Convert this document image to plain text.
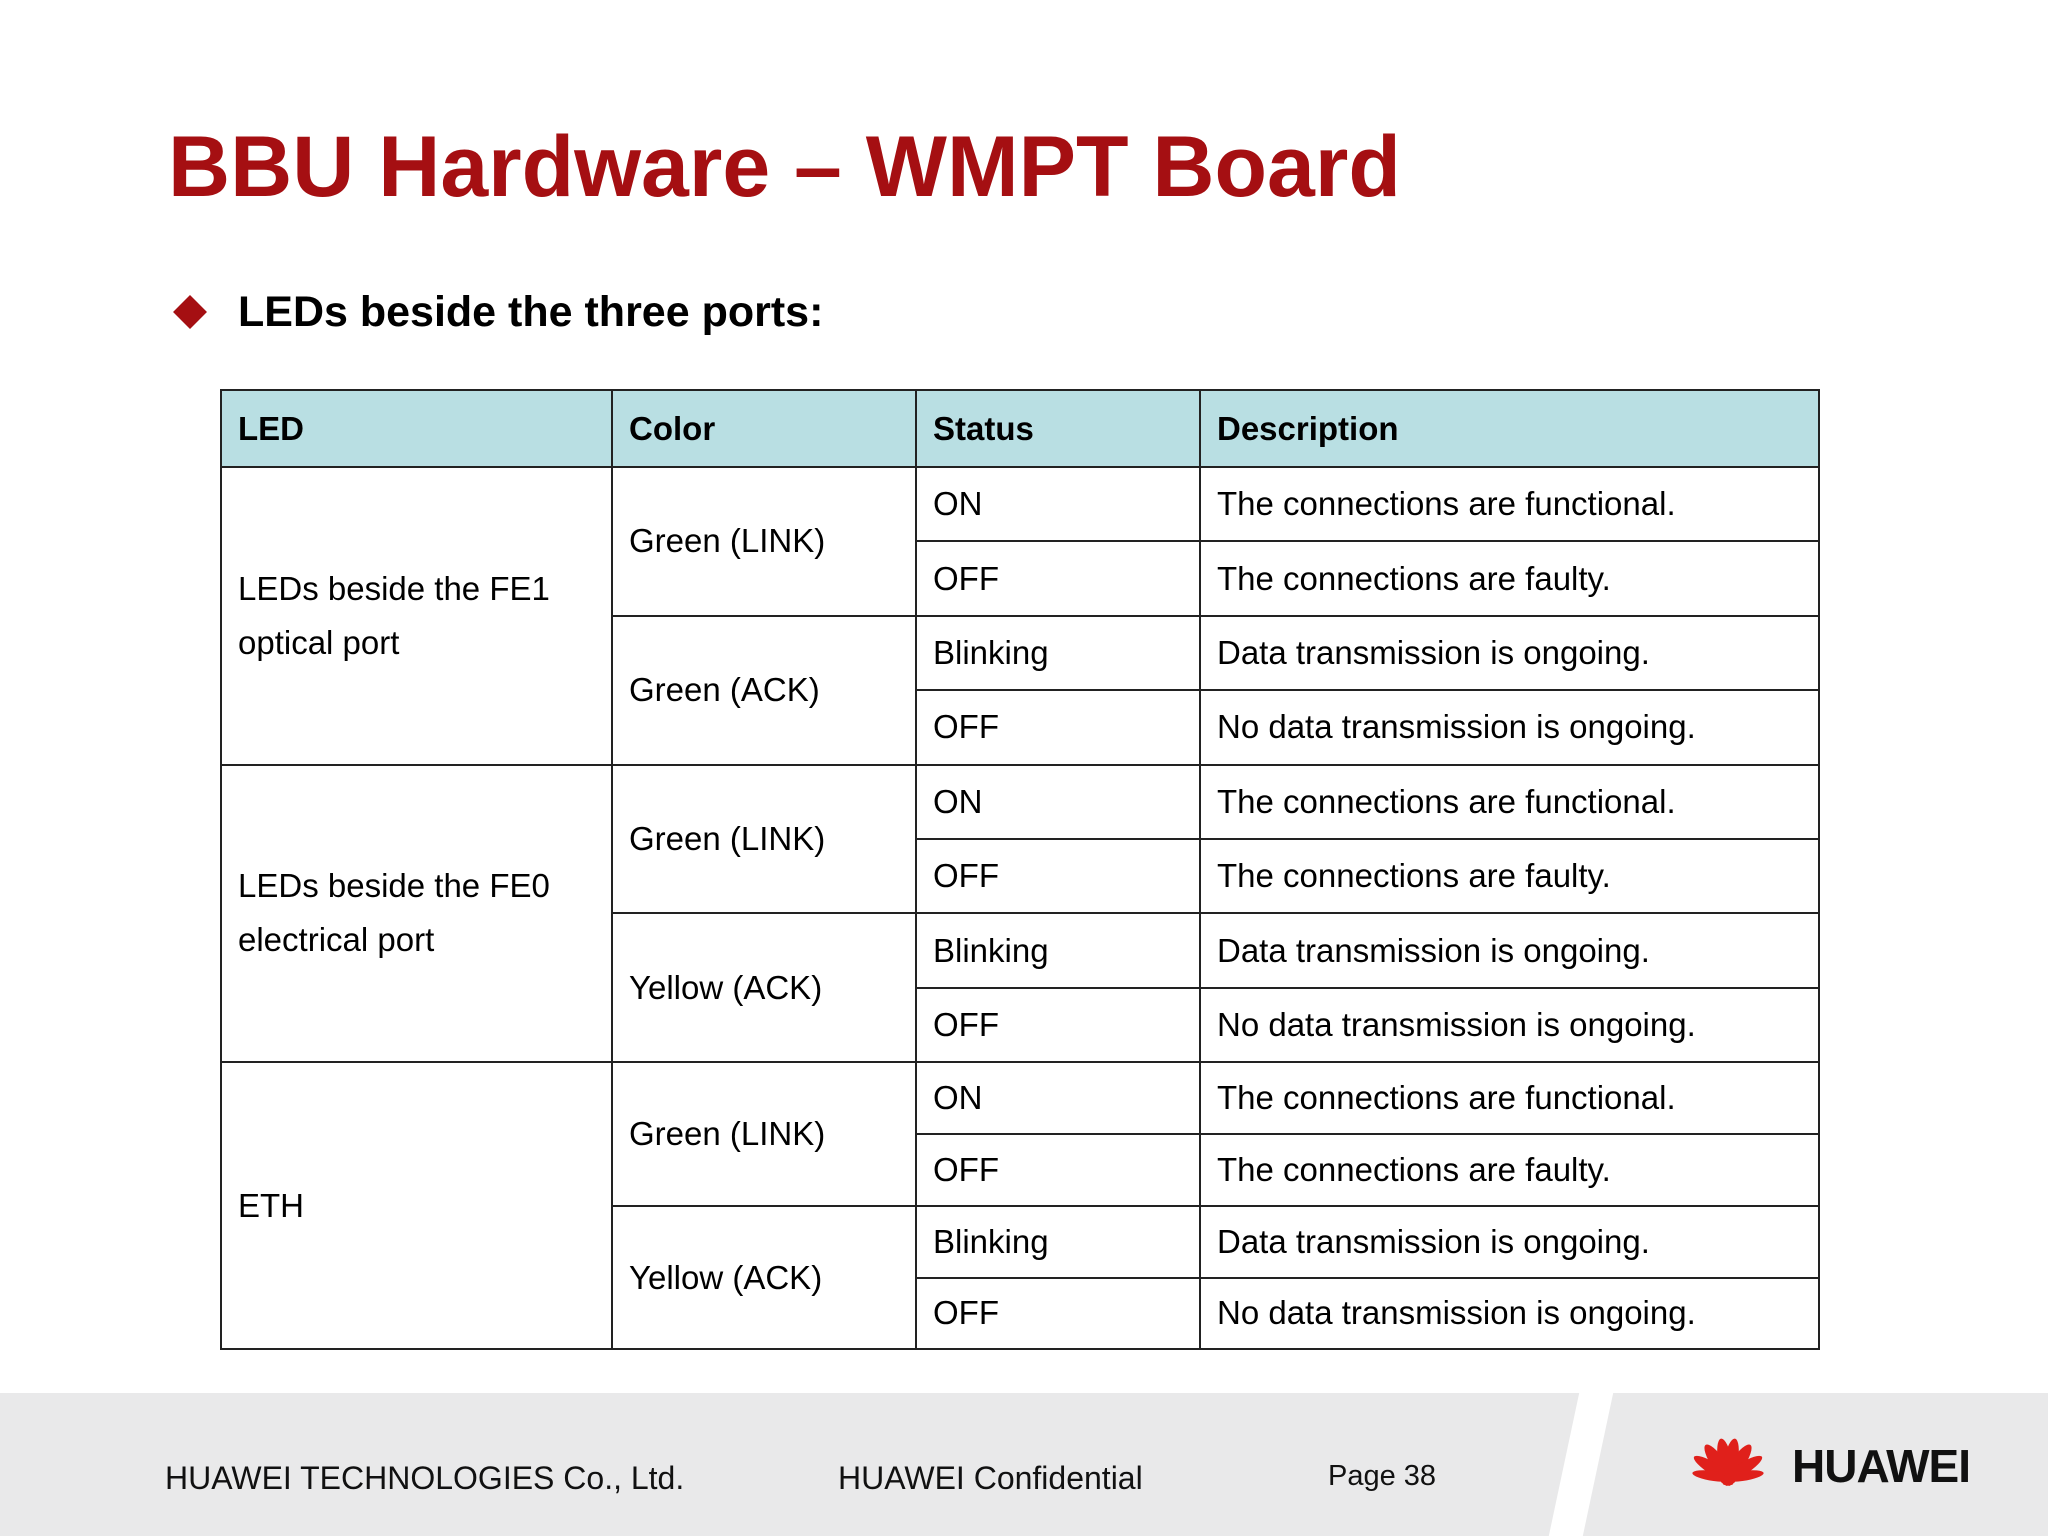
BBU Hardware – WMPT Board
LEDs beside the three ports:
LED	Color	Status	Description
LEDs beside the FE1 optical port	Green (LINK)	ON	The connections are functional.
		OFF	The connections are faulty.
	Green (ACK)	Blinking	Data transmission is ongoing.
		OFF	No data transmission is ongoing.
LEDs beside the FE0 electrical port	Green (LINK)	ON	The connections are functional.
		OFF	The connections are faulty.
	Yellow (ACK)	Blinking	Data transmission is ongoing.
		OFF	No data transmission is ongoing.
ETH	Green (LINK)	ON	The connections are functional.
		OFF	The connections are faulty.
	Yellow (ACK)	Blinking	Data transmission is ongoing.
		OFF	No data transmission is ongoing.
HUAWEI TECHNOLOGIES Co., Ltd.	HUAWEI Confidential	Page 38	HUAWEI
